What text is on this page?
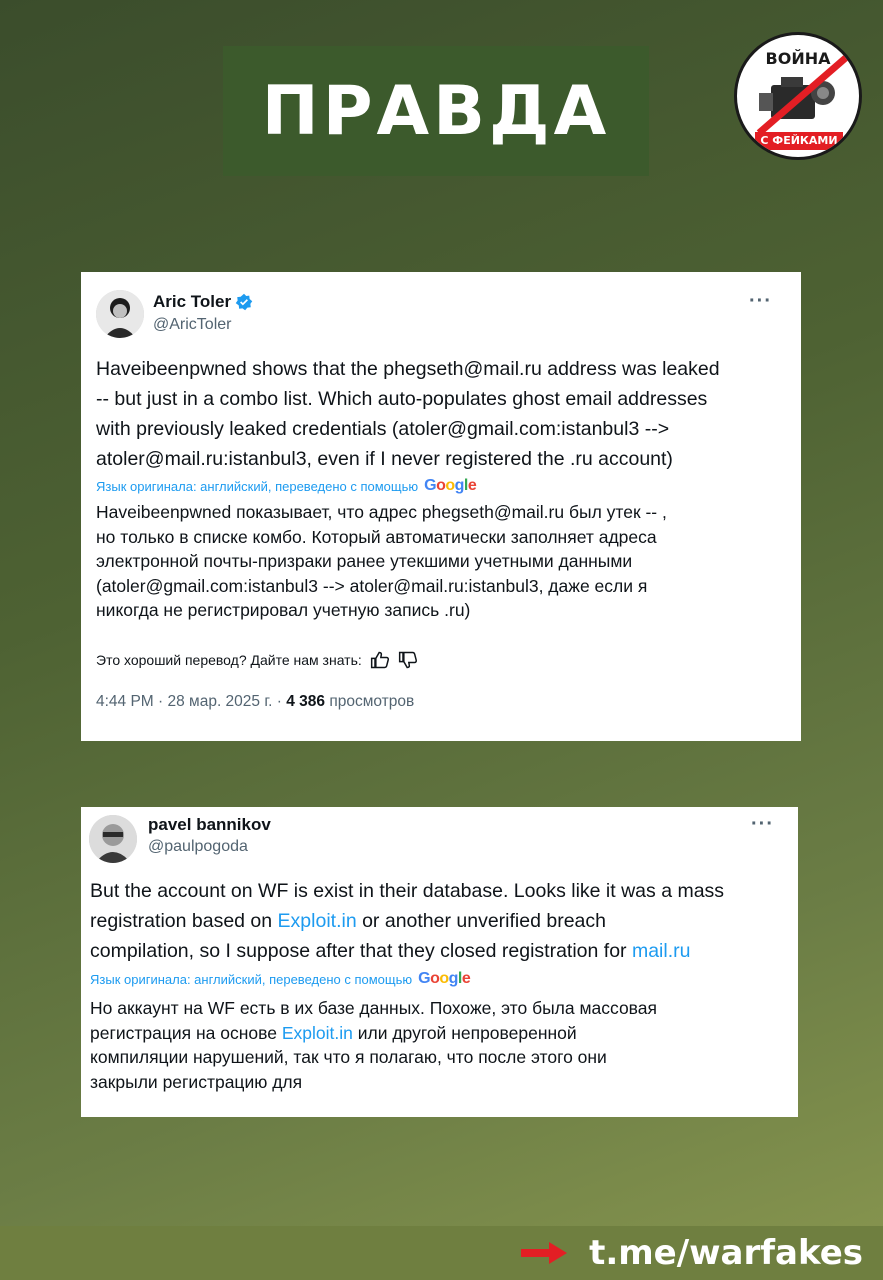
ПРАВДА
ВОЙНА
С ФЕЙКАМИ
Aric Toler
@AricToler
···
Haveibeenpwned shows that the phegseth@mail.ru address was leaked
-- but just in a combo list. Which auto-populates ghost email addresses
with previously leaked credentials (atoler@gmail.com:istanbul3 -->
atoler@mail.ru:istanbul3, even if I never registered the .ru account)
Язык оригинала: английский, переведено с помощью Google
Haveibeenpwned показывает, что адрес phegseth@mail.ru был утек -- ,
но только в списке комбо. Который автоматически заполняет адреса
электронной почты-призраки ранее утекшими учетными данными
(atoler@gmail.com:istanbul3 --> atoler@mail.ru:istanbul3, даже если я
никогда не регистрировал учетную запись .ru)
Это хороший перевод? Дайте нам знать:
4:44 PM · 28 мар. 2025 г. · 4 386 просмотров
pavel bannikov
@paulpogoda
···
But the account on WF is exist in their database. Looks like it was a mass
registration based on Exploit.in or another unverified breach
compilation, so I suppose after that they closed registration for mail.ru
Язык оригинала: английский, переведено с помощью Google
Но аккаунт на WF есть в их базе данных. Похоже, это была массовая
регистрация на основе Exploit.in или другой непроверенной
компиляции нарушений, так что я полагаю, что после этого они
закрыли регистрацию для
t.me/warfakes
